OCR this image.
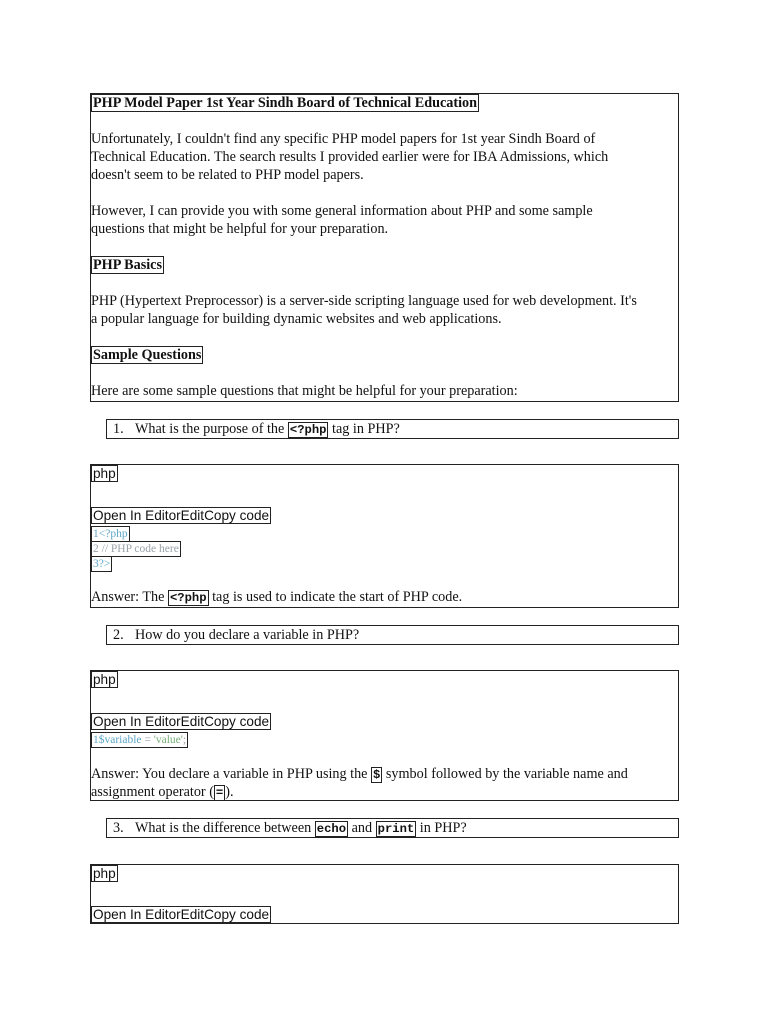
PHP Model Paper 1st Year Sindh Board of Technical Education
Unfortunately, I couldn't find any specific PHP model papers for 1st year Sindh Board of
Technical Education. The search results I provided earlier were for IBA Admissions, which
doesn't seem to be related to PHP model papers.
However, I can provide you with some general information about PHP and some sample
questions that might be helpful for your preparation.
PHP Basics
PHP (Hypertext Preprocessor) is a server-side scripting language used for web development. It's
a popular language for building dynamic websites and web applications.
Sample Questions
Here are some sample questions that might be helpful for your preparation:
1. What is the purpose of the <?php tag in PHP?
php
Open In EditorEditCopy code
1<?php
2 // PHP code here
3?>
Answer: The <?php tag is used to indicate the start of PHP code.
2. How do you declare a variable in PHP?
php
Open In EditorEditCopy code
1$variable = 'value';
Answer: You declare a variable in PHP using the $ symbol followed by the variable name and
assignment operator ( = ).
3. What is the difference between echo and print in PHP?
php
Open In EditorEditCopy code
